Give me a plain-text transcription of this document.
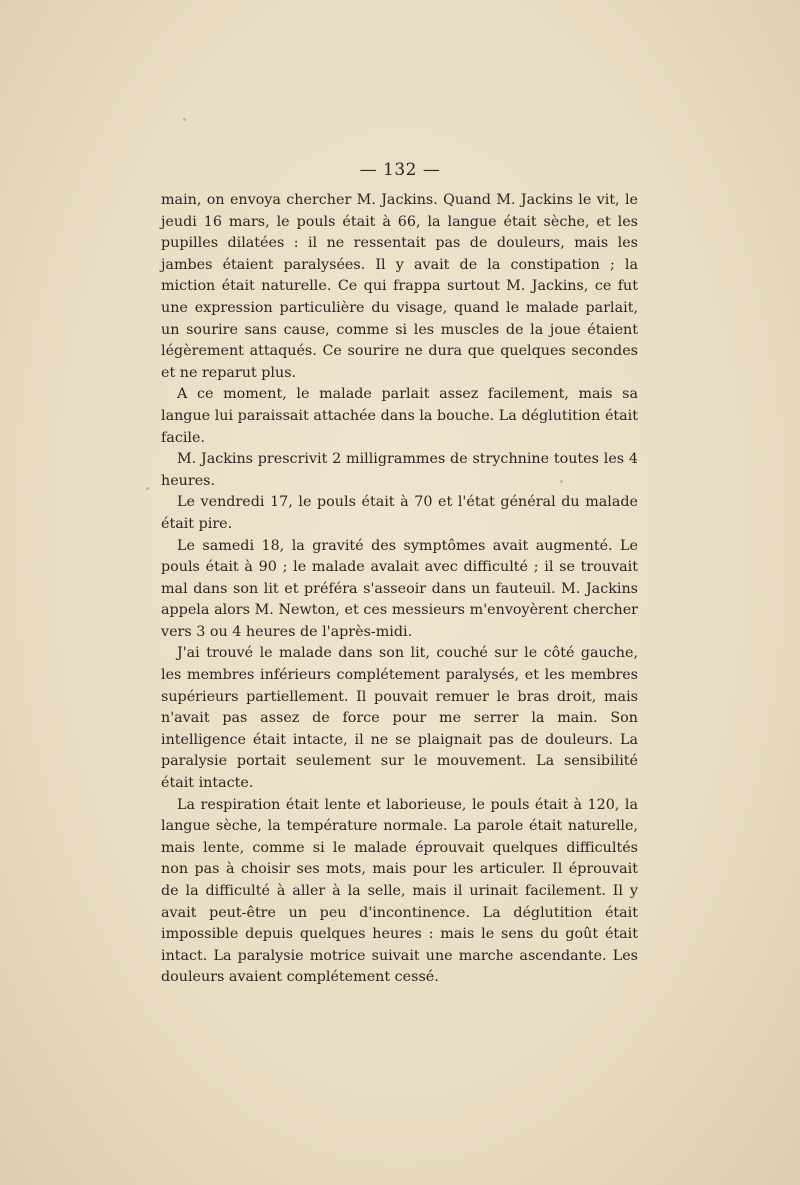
— 132 —

main, on envoya chercher M. Jackins. Quand M. Jackins le vit, le jeudi 16 mars, le pouls était à 66, la langue était sèche, et les pupilles dilatées : il ne ressentait pas de douleurs, mais les jambes étaient paralysées. Il y avait de la constipation ; la miction était naturelle. Ce qui frappa surtout M. Jackins, ce fut une expression particulière du visage, quand le malade parlait, un sourire sans cause, comme si les muscles de la joue étaient légèrement attaqués. Ce sourire ne dura que quelques secondes et ne reparut plus.

A ce moment, le malade parlait assez facilement, mais sa langue lui paraissait attachée dans la bouche. La déglutition était facile.

M. Jackins prescrivit 2 milligrammes de strychnine toutes les 4 heures.

Le vendredi 17, le pouls était à 70 et l'état général du malade était pire.

Le samedi 18, la gravité des symptômes avait augmenté. Le pouls était à 90 ; le malade avalait avec difficulté ; il se trouvait mal dans son lit et préféra s'asseoir dans un fauteuil. M. Jackins appela alors M. Newton, et ces messieurs m'envoyèrent chercher vers 3 ou 4 heures de l'après-midi.

J'ai trouvé le malade dans son lit, couché sur le côté gauche, les membres inférieurs complétement paralysés, et les membres supérieurs partiellement. Il pouvait remuer le bras droit, mais n'avait pas assez de force pour me serrer la main. Son intelligence était intacte, il ne se plaignait pas de douleurs. La paralysie portait seulement sur le mouvement. La sensibilité était intacte.

La respiration était lente et laborieuse, le pouls était à 120, la langue sèche, la température normale. La parole était naturelle, mais lente, comme si le malade éprouvait quelques difficultés non pas à choisir ses mots, mais pour les articuler. Il éprouvait de la difficulté à aller à la selle, mais il urinait facilement. Il y avait peut-être un peu d'incontinence. La déglutition était impossible depuis quelques heures : mais le sens du goût était intact. La paralysie motrice suivait une marche ascendante. Les douleurs avaient complétement cessé.
